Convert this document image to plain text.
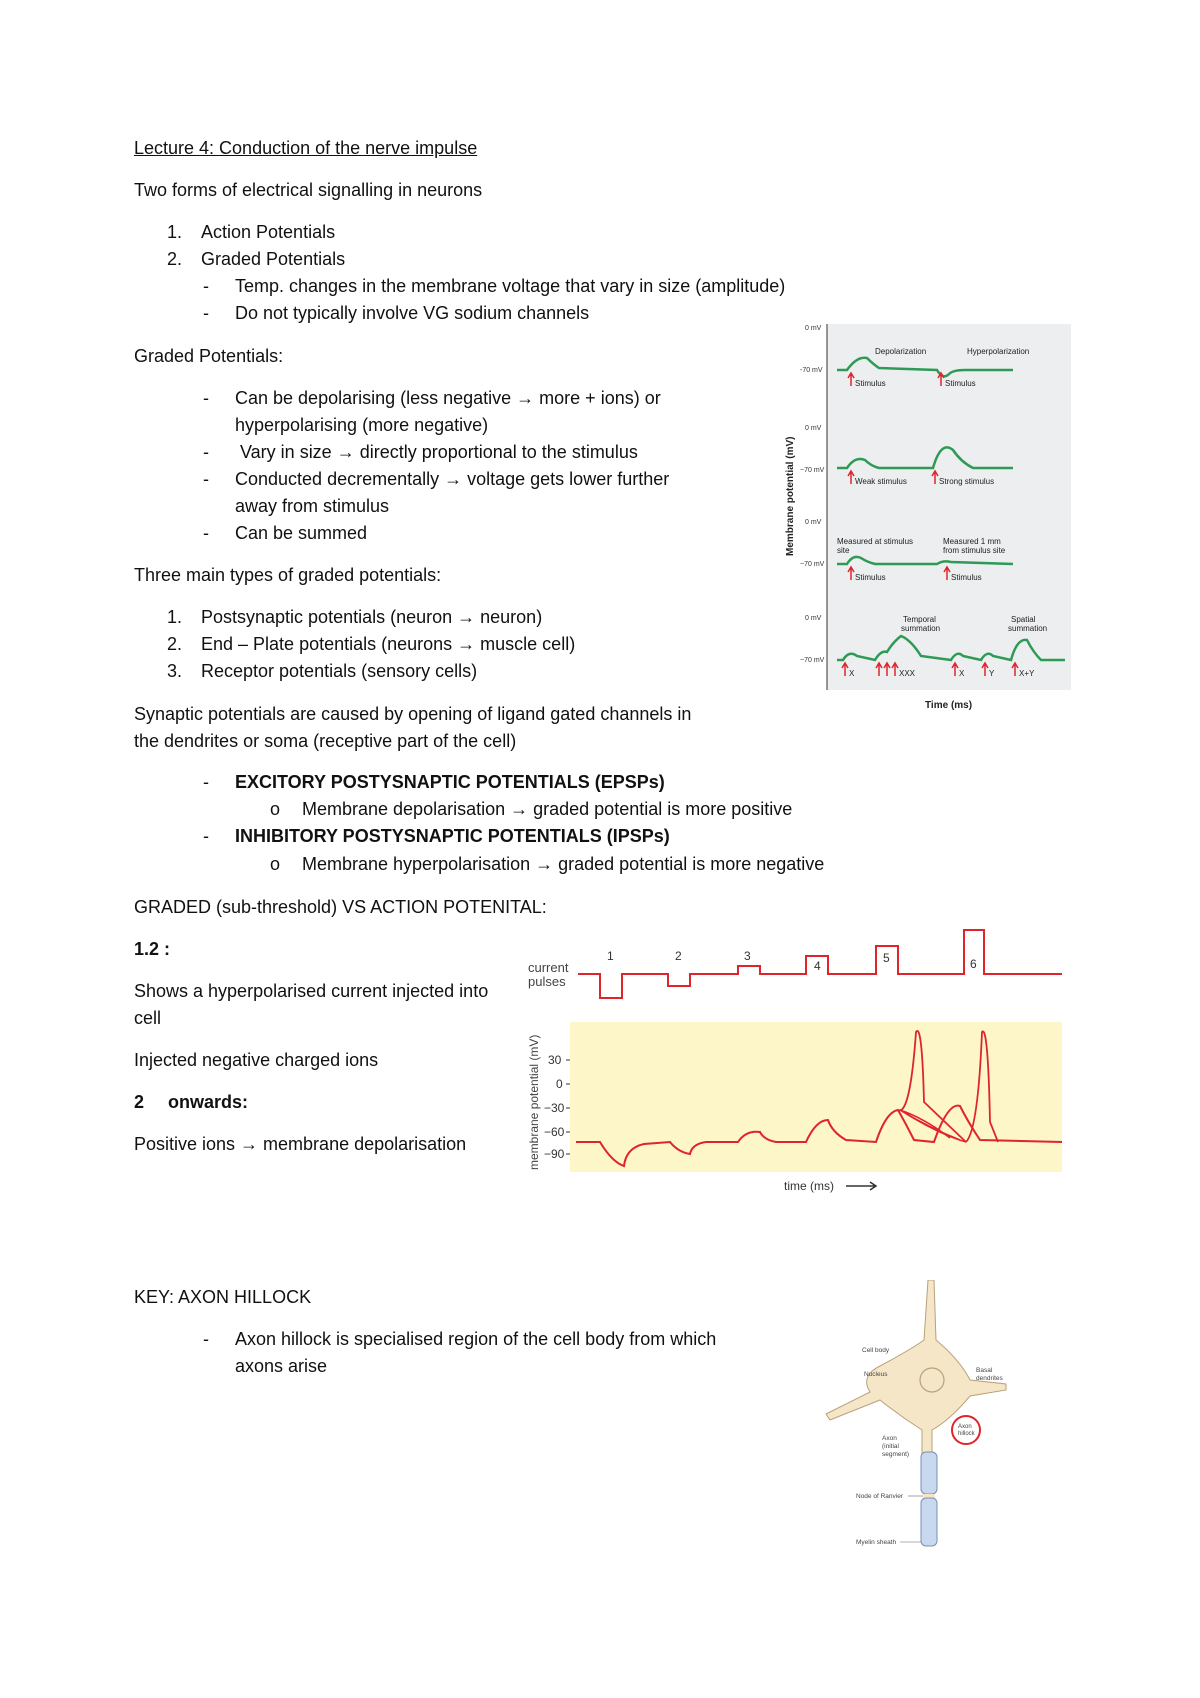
Lecture 4: Conduction of the nerve impulse
Two forms of electrical signalling in neurons
1. Action Potentials
2. Graded Potentials
- Temp. changes in the membrane voltage that vary in size (amplitude)
- Do not typically involve VG sodium channels
Graded Potentials:
- Can be depolarising (less negative → more + ions) or
hyperpolarising (more negative)
- Vary in size → directly proportional to the stimulus
- Conducted decrementally → voltage gets lower further
away from stimulus
- Can be summed
Three main types of graded potentials:
1. Postsynaptic potentials (neuron → neuron)
2. End – Plate potentials (neurons → muscle cell)
3. Receptor potentials (sensory cells)
Synaptic potentials are caused by opening of ligand gated channels in
the dendrites or soma (receptive part of the cell)
- EXCITORY POSTYSNAPTIC POTENTIALS (EPSPs)
o Membrane depolarisation → graded potential is more positive
- INHIBITORY POSTYSNAPTIC POTENTIALS (IPSPs)
o Membrane hyperpolarisation → graded potential is more negative
GRADED (sub-threshold) VS ACTION POTENITAL:
1.2 :
Shows a hyperpolarised current injected into
cell
Injected negative charged ions
2 onwards:
Positive ions → membrane depolarisation
KEY: AXON HILLOCK
- Axon hillock is specialised region of the cell body from which
axons arise
Membrane potential (mV)
Time (ms)
0 mV
-70 mV
Depolarization	Hyperpolarization
Stimulus	Stimulus
0 mV
−70 mV
Weak stimulus	Strong stimulus
0 mV
−70 mV
Measured at stimulus
site
Measured 1 mm
from stimulus site
Stimulus	Stimulus
0 mV
−70 mV
Temporal
summation
Spatial
summation
X	XXX	X	Y	X+Y
current
pulses
1	2	3
4
5	6
membrane potential (mV) 30
0
−30
−60
−90
time (ms)
Cell body
Nucleus
Basal
dendrites
Axon
hillock
Axon
(initial
segment)
Node of Ranvier
Myelin sheath
